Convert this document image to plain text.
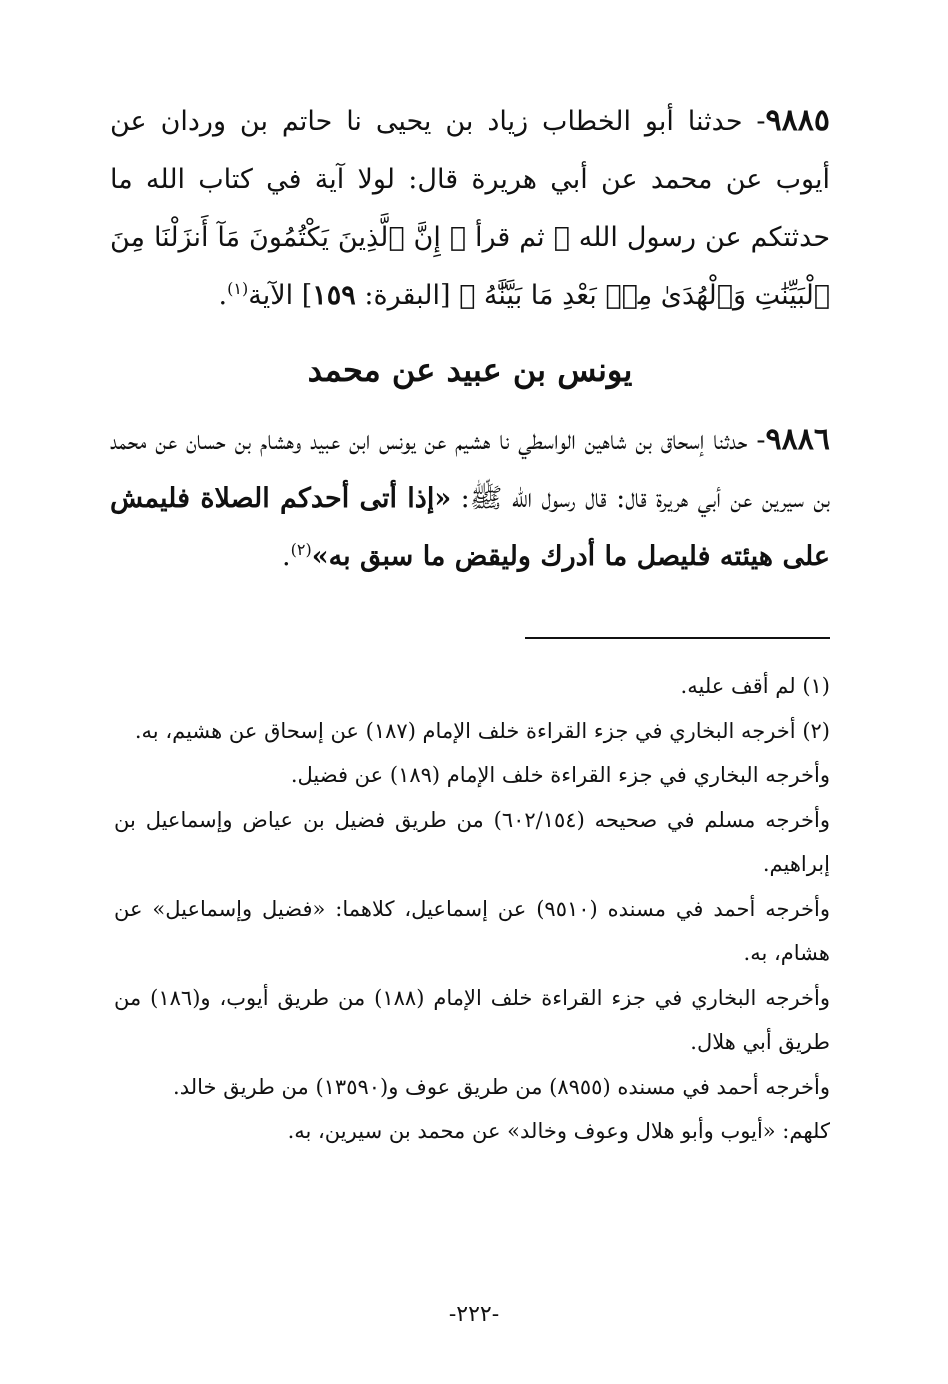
٩٨٨٥- حدثنا أبو الخطاب زياد بن يحيى نا حاتم بن وردان عن أيوب عن محمد عن أبي هريرة قال: لولا آية في كتاب الله ما حدثتكم عن رسول الله ﷺ ثم قرأ ﴿ إِنَّ ٱلَّذِينَ يَكْتُمُونَ مَآ أَنزَلْنَا مِنَ ٱلْبَيِّنَٰتِ وَٱلْهُدَىٰ مِنۢ بَعْدِ مَا بَيَّنَّٰهُ ﴾ [البقرة: ١٥٩] الآية$^{(١)}$.

يونس بن عبيد عن محمد

٩٨٨٦- حدثنا إسحاق بن شاهين الواسطي نا هشيم عن يونس ابن عبيد وهشام بن حسان عن محمد بن سيرين عن أبي هريرة قال: قال رسول الله ﷺ: «إذا أتى أحدكم الصلاة فليمش على هيئته فليصل ما أدرك وليقض ما سبق به»$^{(٢)}$.

(١) لم أقف عليه.

(٢) أخرجه البخاري في جزء القراءة خلف الإمام (١٨٧) عن إسحاق عن هشيم، به.

وأخرجه البخاري في جزء القراءة خلف الإمام (١٨٩) عن فضيل.

وأخرجه مسلم في صحيحه (٦٠٢/١٥٤) من طريق فضيل بن عياض وإسماعيل بن إبراهيم.

وأخرجه أحمد في مسنده (٩٥١٠) عن إسماعيل، كلاهما: «فضيل وإسماعيل» عن هشام، به.

وأخرجه البخاري في جزء القراءة خلف الإمام (١٨٨) من طريق أيوب، و(١٨٦) من طريق أبي هلال.

وأخرجه أحمد في مسنده (٨٩٥٥) من طريق عوف و(١٣٥٩٠) من طريق خالد.

كلهم: «أيوب وأبو هلال وعوف وخالد» عن محمد بن سيرين، به.

-٢٢٢-
